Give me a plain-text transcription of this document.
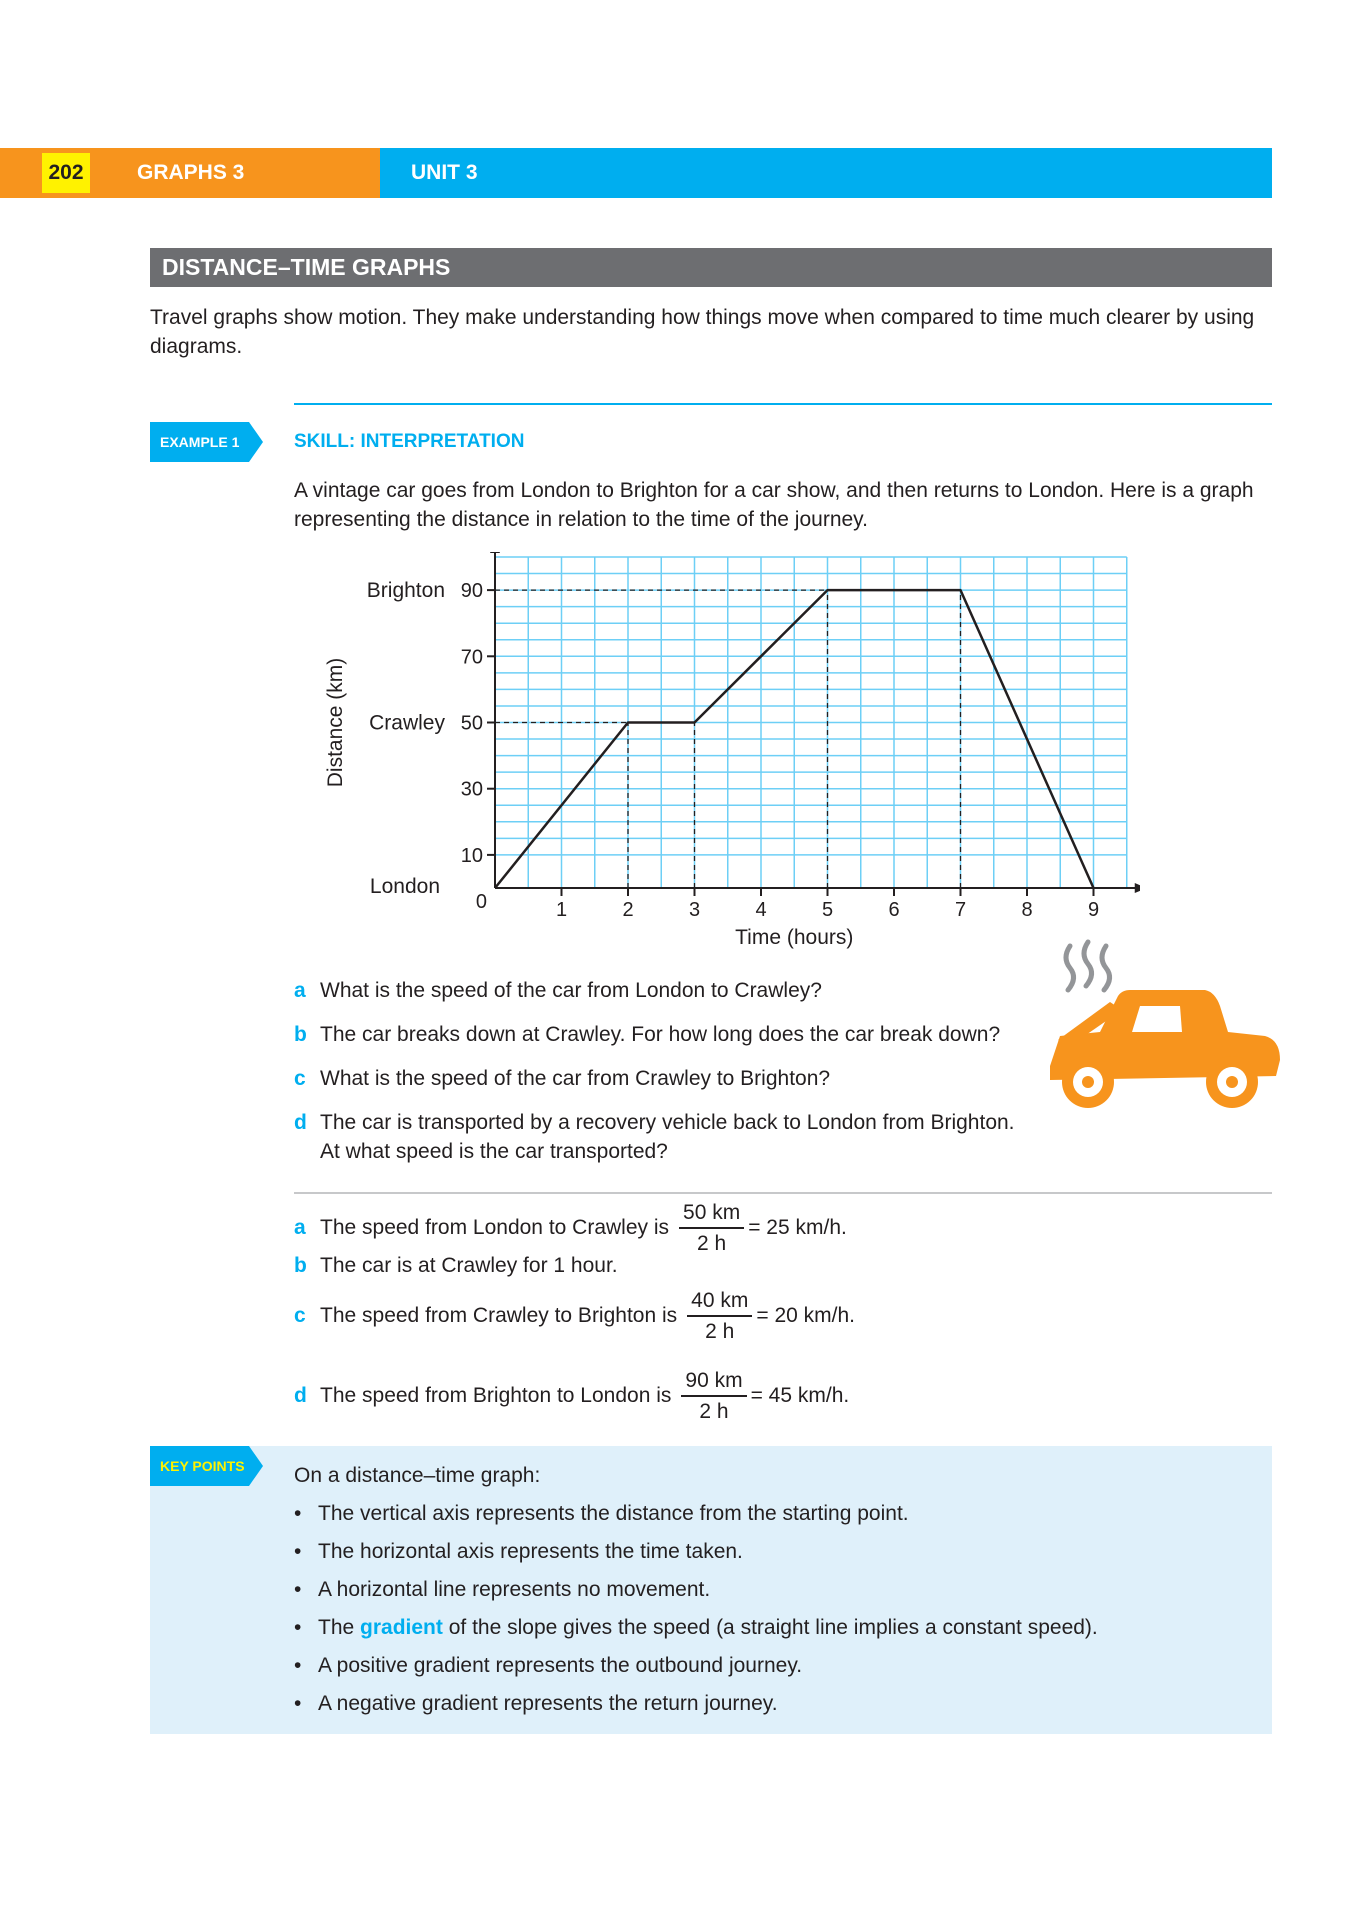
202	GRAPHS 3	UNIT 3
DISTANCE–TIME GRAPHS
Travel graphs show motion. They make understanding how things move when compared to time much clearer by using diagrams.
EXAMPLE 1	SKILL: INTERPRETATION
A vintage car goes from London to Brighton for a car show, and then returns to London. Here is a graph representing the distance in relation to the time of the journey.
1	2	3	4	5	6	7	8	9
0
10
30
50
70
90
Brighton
Crawley
London
Time (hours)
Distance (km)
a What is the speed of the car from London to Crawley?
b The car breaks down at Crawley. For how long does the car break down?
c What is the speed of the car from Crawley to Brighton?
d The car is transported by a recovery vehicle back to London from Brighton.
At what speed is the car transported?
a The speed from London to Crawley is $\frac{50 km}{2 h} = 25$ km/h.
b The car is at Crawley for 1 hour.
c The speed from Crawley to Brighton is $\frac{40 km}{2 h} = 20$ km/h.
d The speed from Brighton to London is $\frac{90 km}{2 h} = 45$ km/h.
KEY POINTS On a distance–time graph:
• The vertical axis represents the distance from the starting point.
• The horizontal axis represents the time taken.
• A horizontal line represents no movement.
• The gradient of the slope gives the speed (a straight line implies a constant speed).
• A positive gradient represents the outbound journey.
• A negative gradient represents the return journey.
